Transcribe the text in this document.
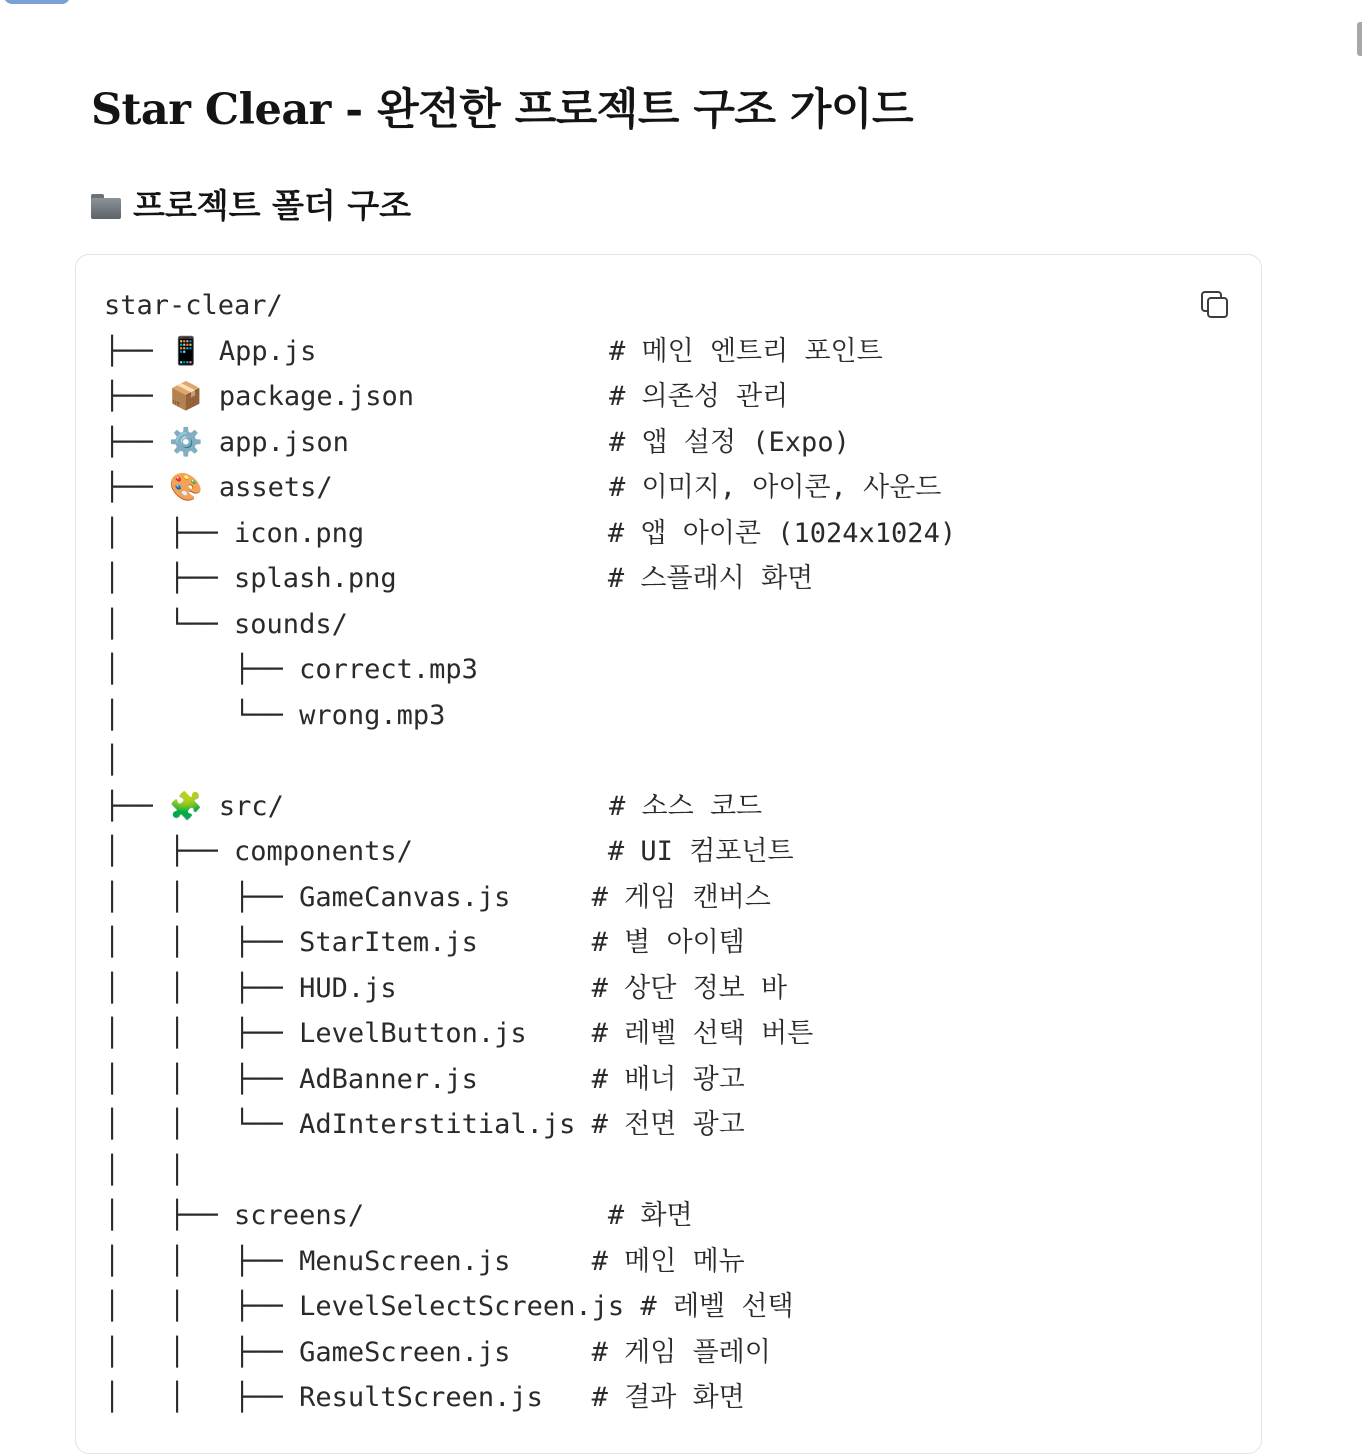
Star Clear - 완전한 프로젝트 구조 가이드
프로젝트 폴더 구조
star-clear/
├── 📱 App.js                  # 메인 엔트리 포인트
├── 📦 package.json            # 의존성 관리
├── ⚙️ app.json                # 앱 설정 (Expo)
├── 🎨 assets/                 # 이미지, 아이콘, 사운드
│   ├── icon.png               # 앱 아이콘 (1024x1024)
│   ├── splash.png             # 스플래시 화면
│   └── sounds/
│       ├── correct.mp3
│       └── wrong.mp3
│
├── 🧩 src/                    # 소스 코드
│   ├── components/            # UI 컴포넌트
│   │   ├── GameCanvas.js     # 게임 캔버스
│   │   ├── StarItem.js       # 별 아이템
│   │   ├── HUD.js            # 상단 정보 바
│   │   ├── LevelButton.js    # 레벨 선택 버튼
│   │   ├── AdBanner.js       # 배너 광고
│   │   └── AdInterstitial.js # 전면 광고
│   │
│   ├── screens/               # 화면
│   │   ├── MenuScreen.js     # 메인 메뉴
│   │   ├── LevelSelectScreen.js # 레벨 선택
│   │   ├── GameScreen.js     # 게임 플레이
│   │   ├── ResultScreen.js   # 결과 화면
